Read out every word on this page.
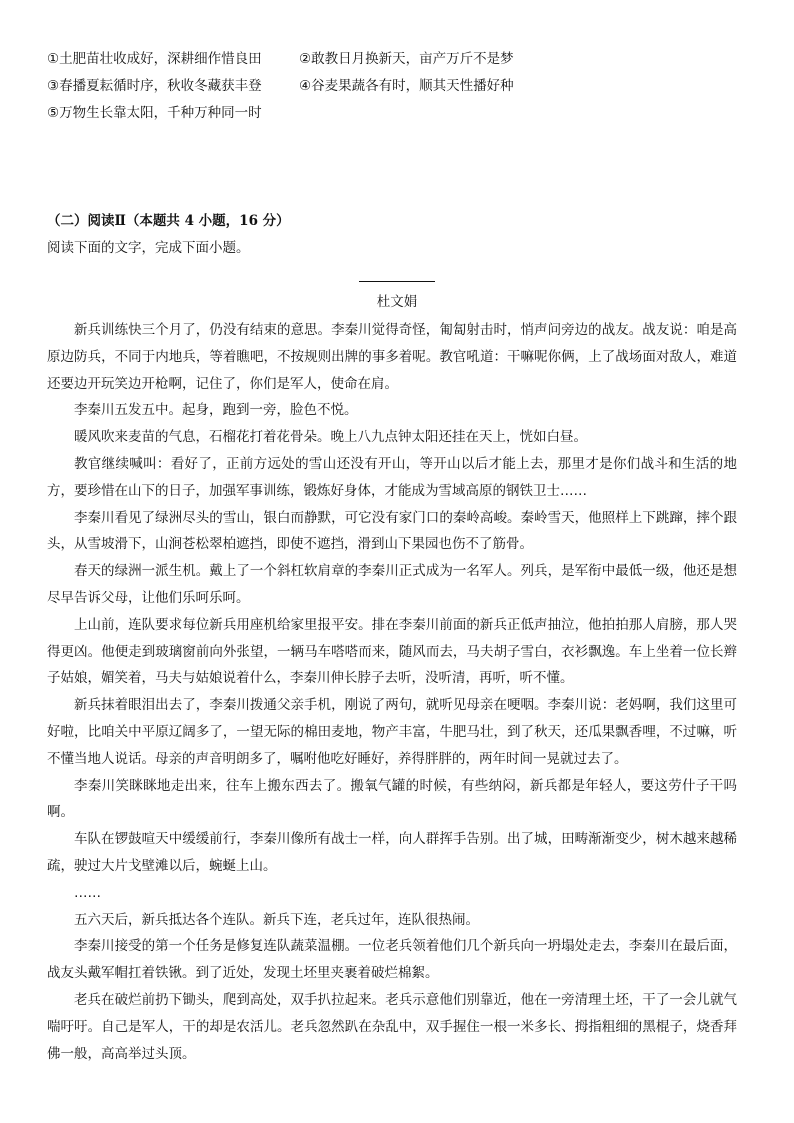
①土肥苗壮收成好，深耕细作惜良田	②敢教日月换新天，亩产万斤不是梦
③春播夏耘循时序，秋收冬藏获丰登	④谷麦果蔬各有时，顺其天性播好种
⑤万物生长靠太阳，千种万种同一时
（二）阅读Ⅱ（本题共 4 小题，16 分）
阅读下面的文字，完成下面小题。
杜文娟

新兵训练快三个月了，仍没有结束的意思。李秦川觉得奇怪，匍匐射击时，悄声问旁边的战友。战友说：咱是高原边防兵，不同于内地兵，等着瞧吧，不按规则出牌的事多着呢。教官吼道：干嘛呢你俩，上了战场面对敌人，难道还要边开玩笑边开枪啊，记住了，你们是军人，使命在肩。

李秦川五发五中。起身，跑到一旁，脸色不悦。

暖风吹来麦苗的气息，石榴花打着花骨朵。晚上八九点钟太阳还挂在天上，恍如白昼。

教官继续喊叫：看好了，正前方远处的雪山还没有开山，等开山以后才能上去，那里才是你们战斗和生活的地方，要珍惜在山下的日子，加强军事训练，锻炼好身体，才能成为雪域高原的钢铁卫士……

李秦川看见了绿洲尽头的雪山，银白而静默，可它没有家门口的秦岭高峻。秦岭雪天，他照样上下跳蹿，摔个跟头，从雪坡滑下，山涧苍松翠柏遮挡，即使不遮挡，滑到山下果园也伤不了筋骨。

春天的绿洲一派生机。戴上了一个斜杠软肩章的李秦川正式成为一名军人。列兵，是军衔中最低一级，他还是想尽早告诉父母，让他们乐呵乐呵。

上山前，连队要求每位新兵用座机给家里报平安。排在李秦川前面的新兵正低声抽泣，他拍拍那人肩膀，那人哭得更凶。他便走到玻璃窗前向外张望，一辆马车嗒嗒而来，随风而去，马夫胡子雪白，衣衫飘逸。车上坐着一位长辫子姑娘，媚笑着，马夫与姑娘说着什么，李秦川伸长脖子去听，没听清，再听，听不懂。

新兵抹着眼泪出去了，李秦川拨通父亲手机，刚说了两句，就听见母亲在哽咽。李秦川说：老妈啊，我们这里可好啦，比咱关中平原辽阔多了，一望无际的棉田麦地，物产丰富，牛肥马壮，到了秋天，还瓜果飘香哩，不过嘛，听不懂当地人说话。母亲的声音明朗多了，嘱咐他吃好睡好，养得胖胖的，两年时间一晃就过去了。

李秦川笑眯眯地走出来，往车上搬东西去了。搬氧气罐的时候，有些纳闷，新兵都是年轻人，要这劳什子干吗啊。

车队在锣鼓喧天中缓缓前行，李秦川像所有战士一样，向人群挥手告别。出了城，田畴渐渐变少，树木越来越稀疏，驶过大片戈壁滩以后，蜿蜒上山。

……

五六天后，新兵抵达各个连队。新兵下连，老兵过年，连队很热闹。

李秦川接受的第一个任务是修复连队蔬菜温棚。一位老兵领着他们几个新兵向一坍塌处走去，李秦川在最后面，战友头戴军帽扛着铁锹。到了近处，发现土坯里夹裹着破烂棉絮。

老兵在破烂前扔下锄头，爬到高处，双手扒拉起来。老兵示意他们别靠近，他在一旁清理土坯，干了一会儿就气喘吁吁。自己是军人，干的却是农活儿。老兵忽然趴在杂乱中，双手握住一根一米多长、拇指粗细的黑棍子，烧香拜佛一般，高高举过头顶。
